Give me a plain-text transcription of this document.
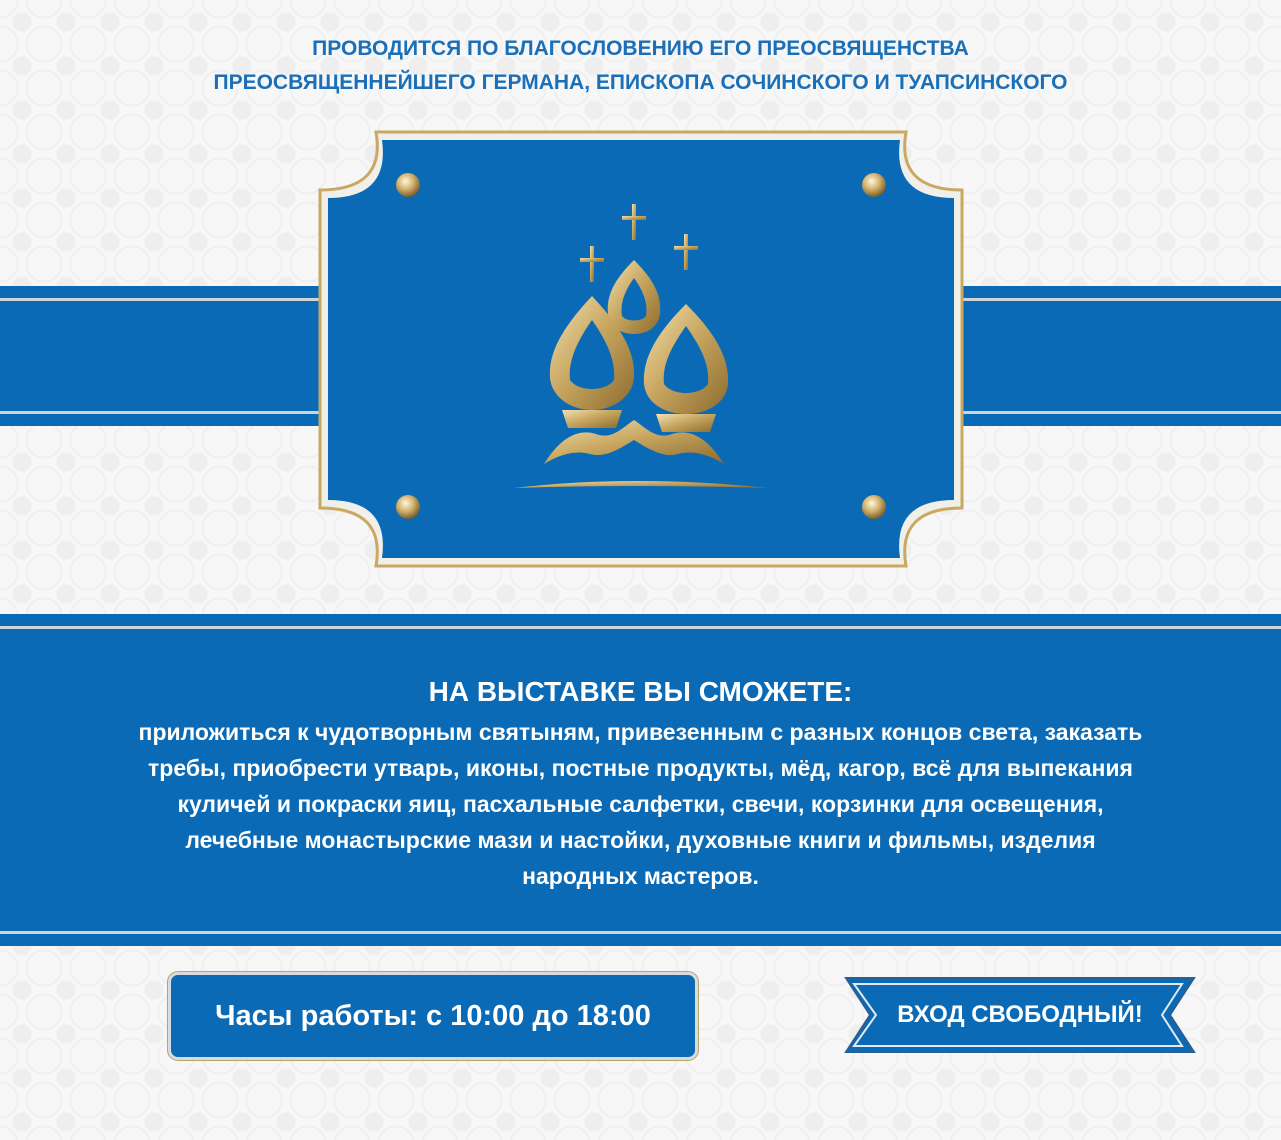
ПРОВОДИТСЯ ПО БЛАГОСЛОВЕНИЮ ЕГО ПРЕОСВЯЩЕНСТВА
ПРЕОСВЯЩЕННЕЙШЕГО ГЕРМАНА, ЕПИСКОПА СОЧИНСКОГО И ТУАПСИНСКОГО
НА ВЫСТАВКЕ ВЫ СМОЖЕТЕ:
приложиться к чудотворным святыням, привезенным с разных концов света, заказать
требы, приобрести утварь, иконы, постные продукты, мёд, кагор, всё для выпекания
куличей и покраски яиц, пасхальные салфетки, свечи, корзинки для освещения,
лечебные монастырские мази и настойки, духовные книги и фильмы, изделия
народных мастеров.
Часы работы: с 10:00 до 18:00	ВХОД СВОБОДНЫЙ!
